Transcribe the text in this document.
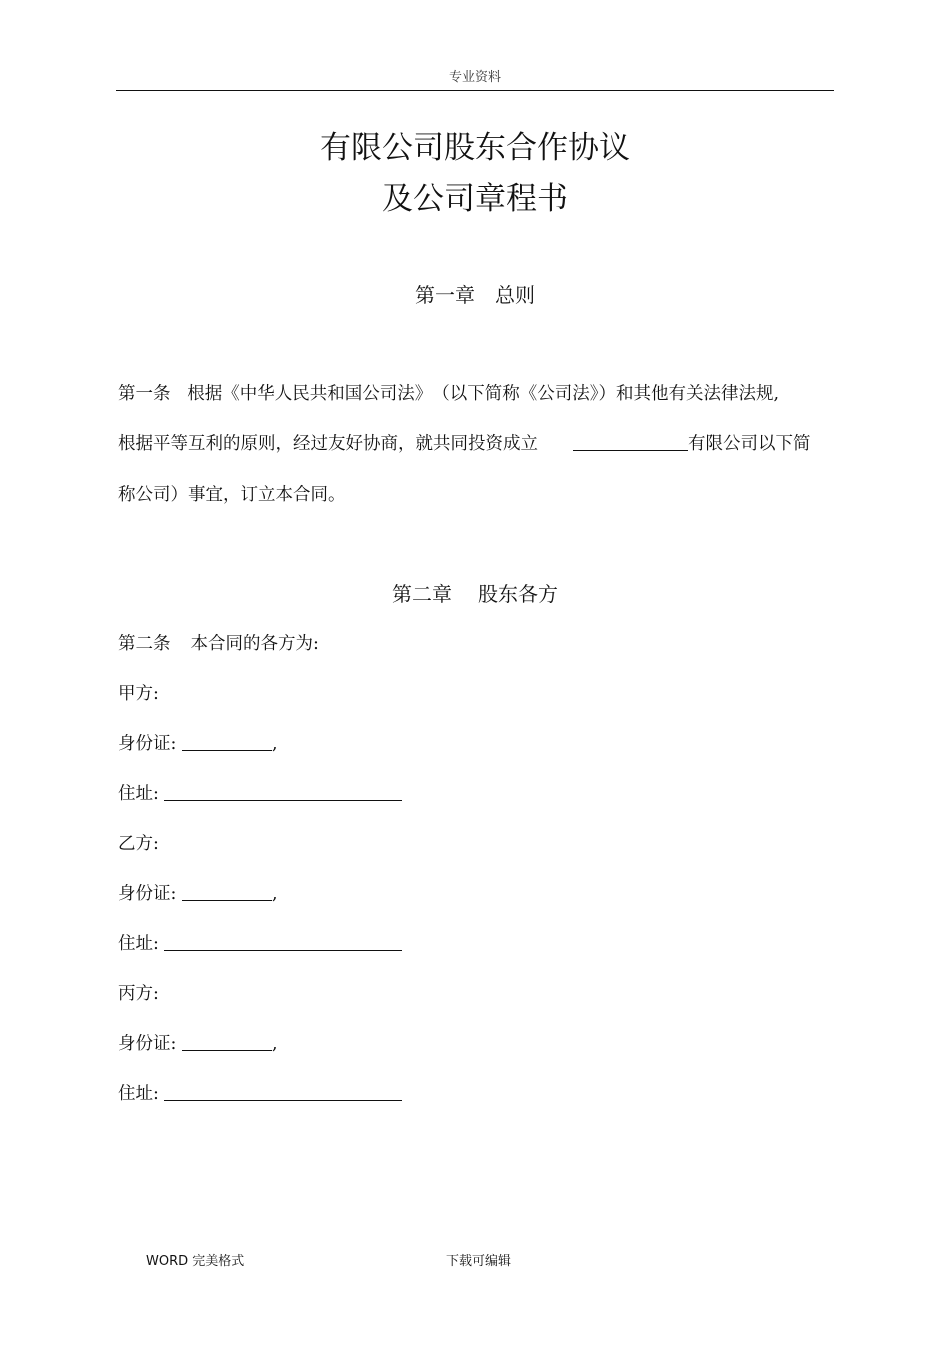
专业资料
有限公司股东合作协议
及公司章程书
第一章 总则
第一条 根据《中华人民共和国公司法》　（以下简称《公司法》）和其他有关法律法规,
根据平等互利的原则，经过友好协商，就共同投资成立	有限公司以下简
称公司）事宜，订立本合同。
第二章 股东各方
第二条 本合同的各方为:
甲方:
身份证:	,
住址:
乙方:
身份证:	,
住址:
丙方:
身份证:	,
住址:
WORD 完美格式	下载可编辑
